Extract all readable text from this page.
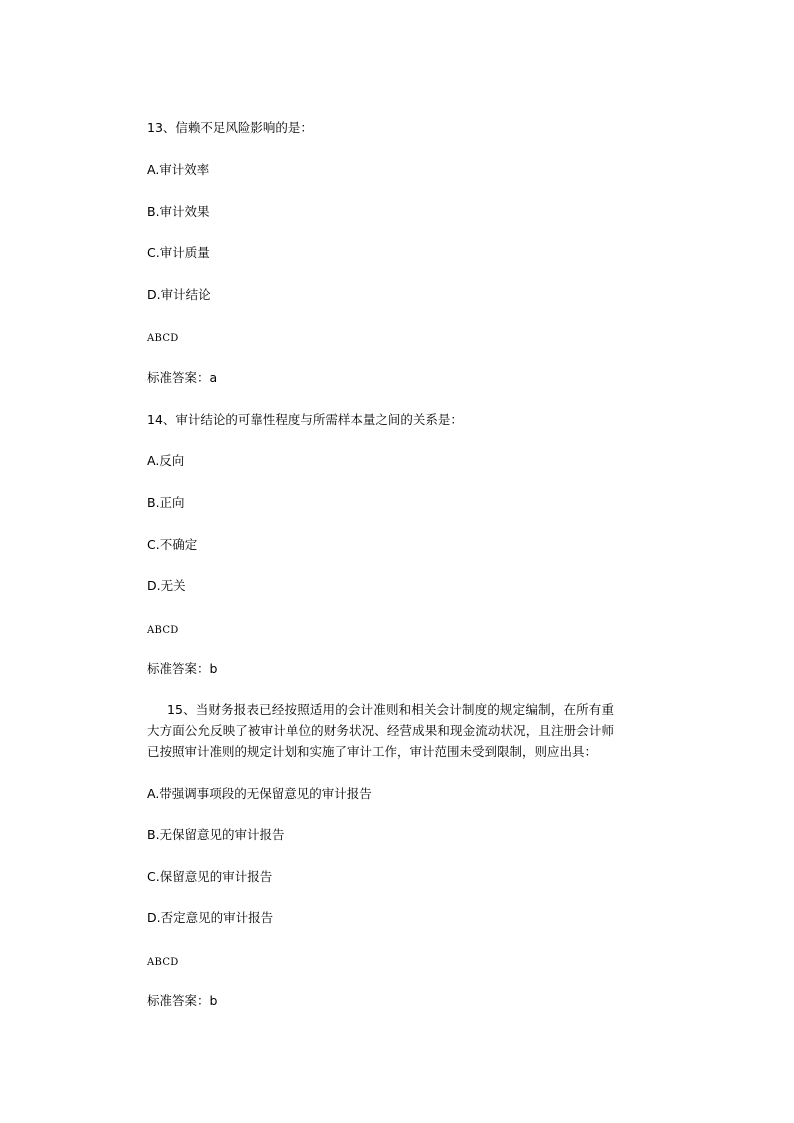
13、信赖不足风险影响的是：
A.审计效率
B.审计效果
C.审计质量
D.审计结论
ABCD
标准答案：a
14、审计结论的可靠性程度与所需样本量之间的关系是：
A.反向
B.正向
C.不确定
D.无关
ABCD
标准答案：b
15、当财务报表已经按照适用的会计准则和相关会计制度的规定编制，在所有重大方面公允反映了被审计单位的财务状况、经营成果和现金流动状况，且注册会计师已按照审计准则的规定计划和实施了审计工作，审计范围未受到限制，则应出具：
A.带强调事项段的无保留意见的审计报告
B.无保留意见的审计报告
C.保留意见的审计报告
D.否定意见的审计报告
ABCD
标准答案：b
